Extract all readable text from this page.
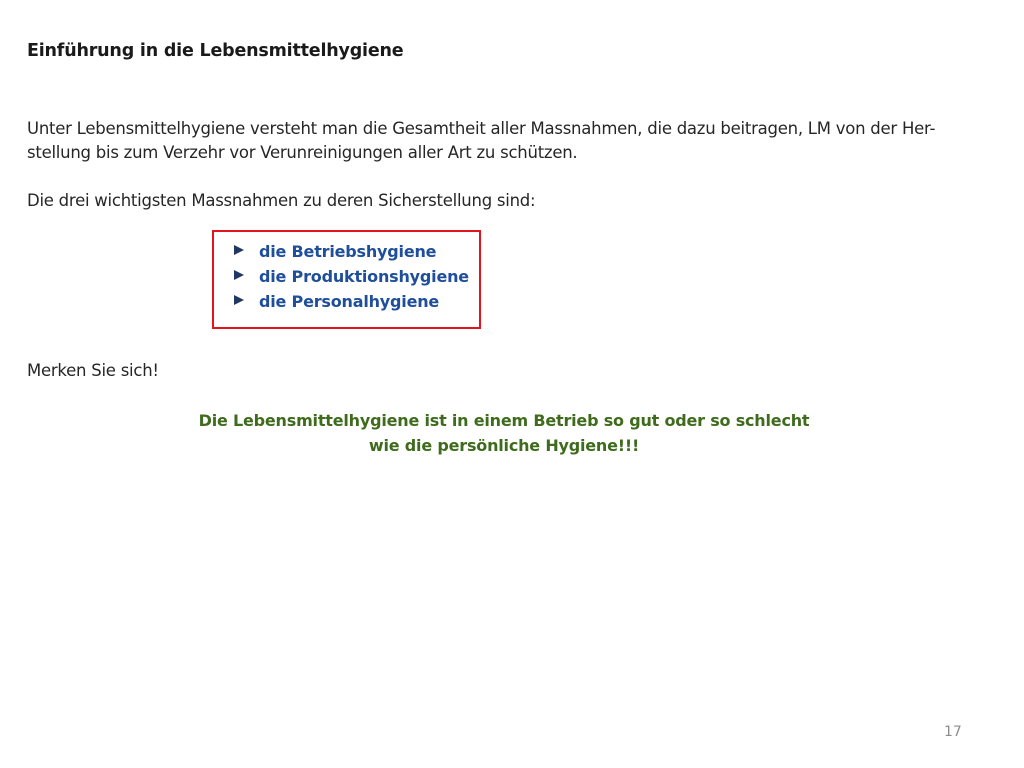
Einführung in die Lebensmittelhygiene
Unter Lebensmittelhygiene versteht man die Gesamtheit aller Massnahmen, die dazu beitragen, LM von der Her-
stellung bis zum Verzehr vor Verunreinigungen aller Art zu schützen.
Die drei wichtigsten Massnahmen zu deren Sicherstellung sind:
die Betriebshygiene
die Produktionshygiene
die Personalhygiene
Merken Sie sich!
Die Lebensmittelhygiene ist in einem Betrieb so gut oder so schlecht
wie die persönliche Hygiene!!!
17
